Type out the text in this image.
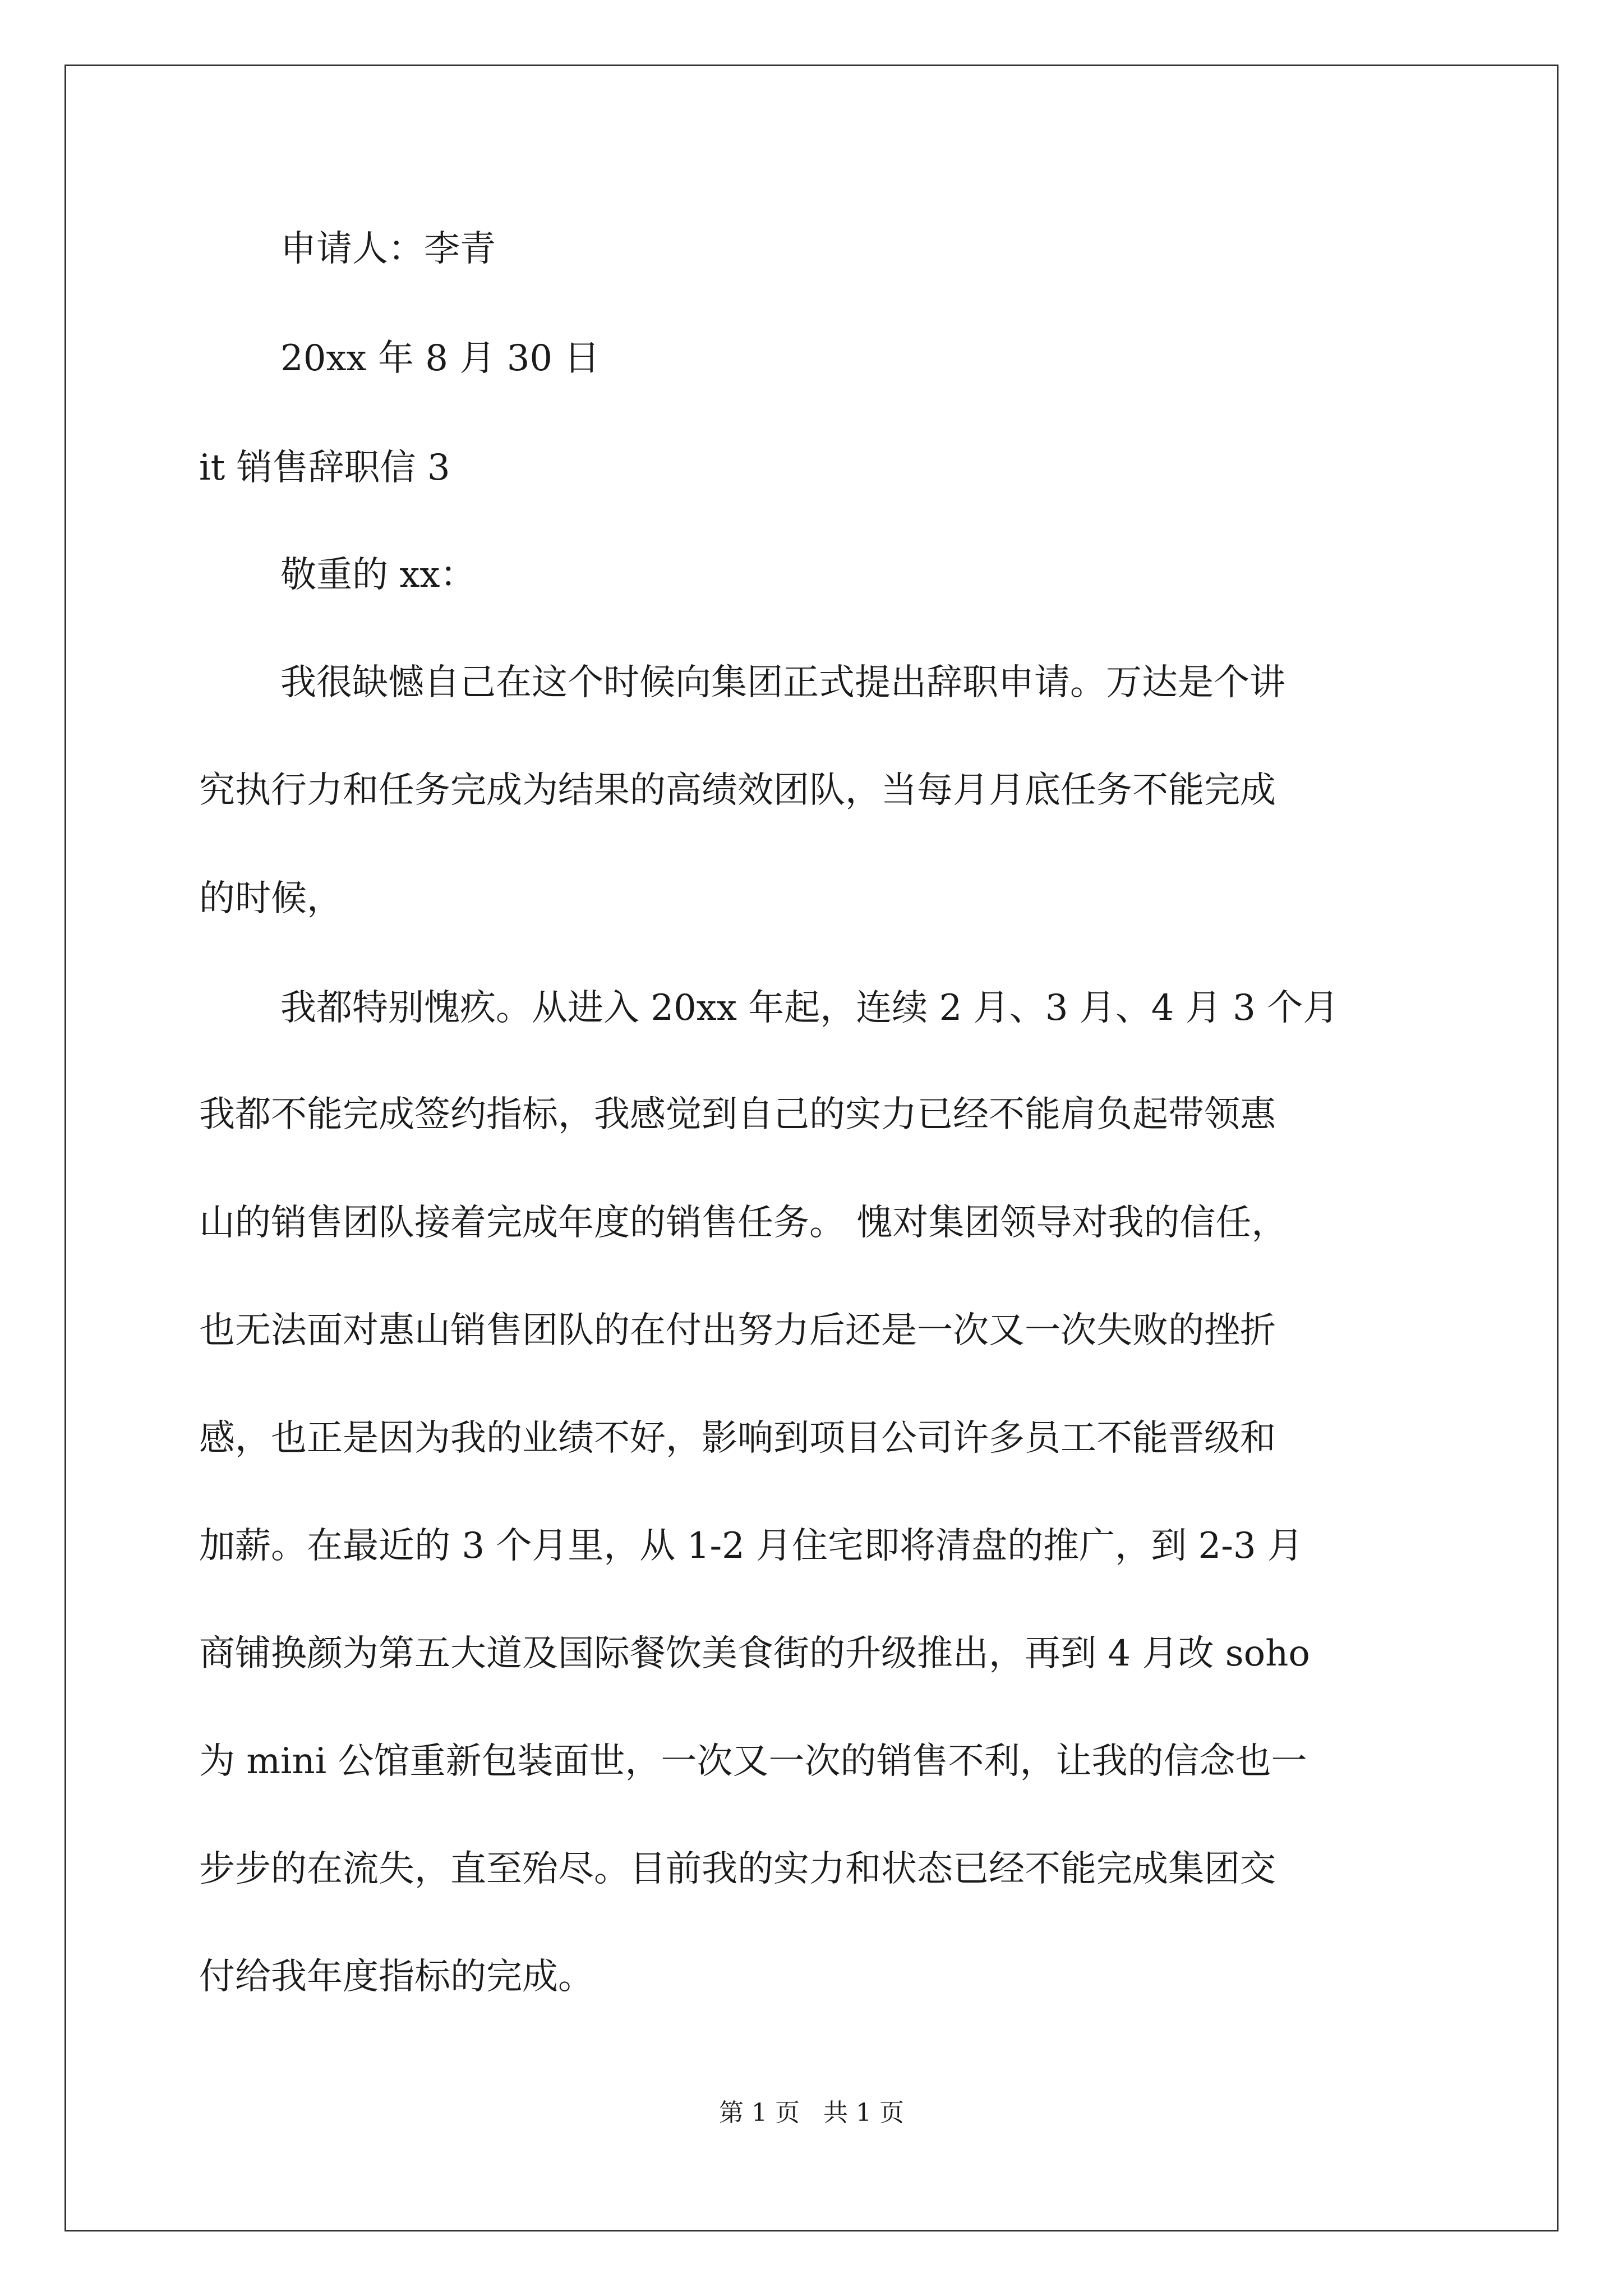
申请人：李青
20xx 年 8 月 30 日
it 销售辞职信 3
敬重的 xx：
我很缺憾自己在这个时候向集团正式提出辞职申请。万达是个讲
究执行力和任务完成为结果的高绩效团队，当每月月底任务不能完成
的时候，
我都特别愧疚。从进入 20xx 年起，连续 2 月、3 月、4 月 3 个月
我都不能完成签约指标，我感觉到自己的实力已经不能肩负起带领惠
山的销售团队接着完成年度的销售任务。 愧对集团领导对我的信任，
也无法面对惠山销售团队的在付出努力后还是一次又一次失败的挫折
感，也正是因为我的业绩不好，影响到项目公司许多员工不能晋级和
加薪。在最近的 3 个月里，从 1-2 月住宅即将清盘的推广，到 2-3 月
商铺换颜为第五大道及国际餐饮美食街的升级推出，再到 4 月改 soho
为 mini 公馆重新包装面世，一次又一次的销售不利，让我的信念也一
步步的在流失，直至殆尽。目前我的实力和状态已经不能完成集团交
付给我年度指标的完成。
第 1 页   共 1 页
